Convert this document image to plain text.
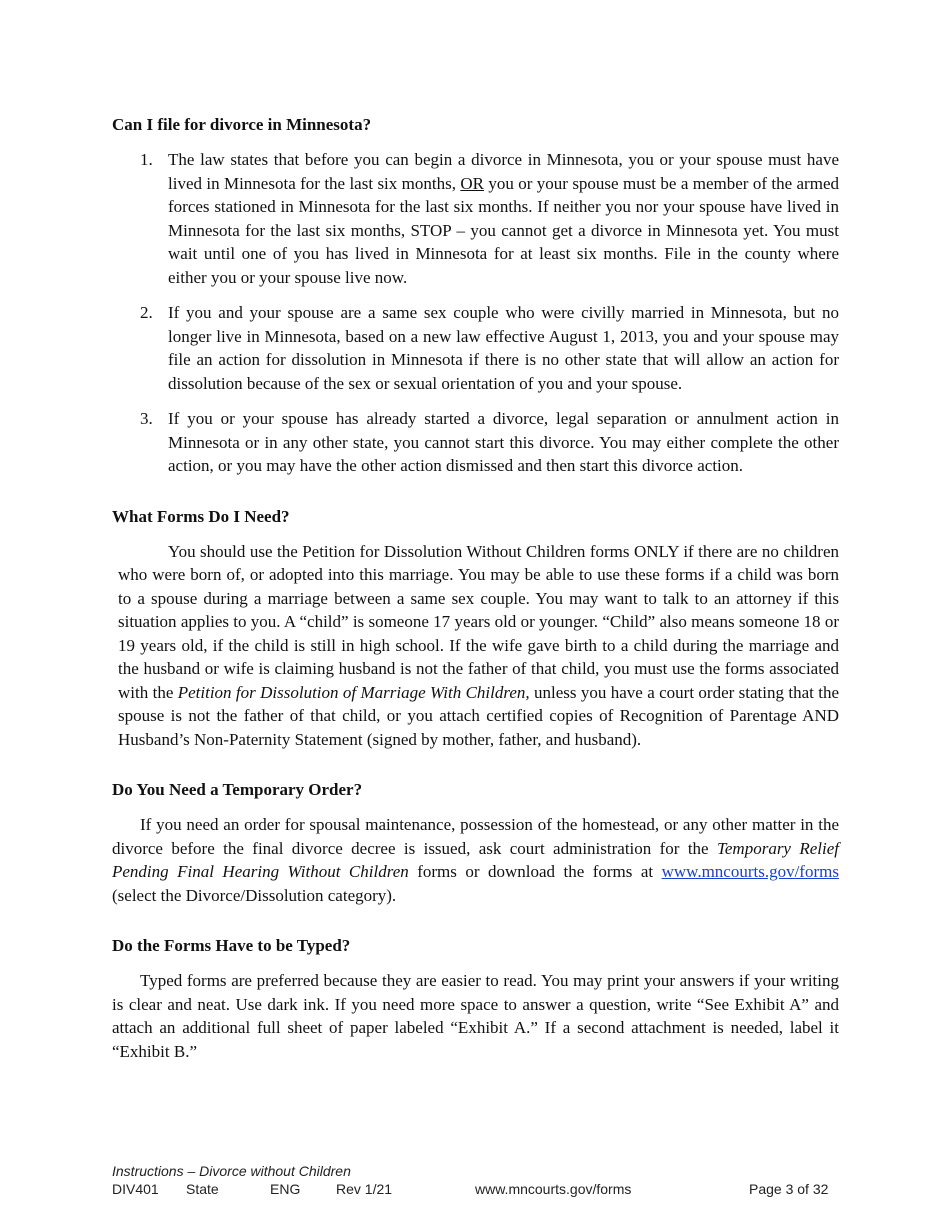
Can I file for divorce in Minnesota?
1. The law states that before you can begin a divorce in Minnesota, you or your spouse must have lived in Minnesota for the last six months, OR you or your spouse must be a member of the armed forces stationed in Minnesota for the last six months. If neither you nor your spouse have lived in Minnesota for the last six months, STOP – you cannot get a divorce in Minnesota yet. You must wait until one of you has lived in Minnesota for at least six months. File in the county where either you or your spouse live now.

2. If you and your spouse are a same sex couple who were civilly married in Minnesota, but no longer live in Minnesota, based on a new law effective August 1, 2013, you and your spouse may file an action for dissolution in Minnesota if there is no other state that will allow an action for dissolution because of the sex or sexual orientation of you and your spouse.

3. If you or your spouse has already started a divorce, legal separation or annulment action in Minnesota or in any other state, you cannot start this divorce. You may either complete the other action, or you may have the other action dismissed and then start this divorce action.

What Forms Do I Need?

You should use the Petition for Dissolution Without Children forms ONLY if there are no children who were born of, or adopted into this marriage. You may be able to use these forms if a child was born to a spouse during a marriage between a same sex couple. You may want to talk to an attorney if this situation applies to you. A “child” is someone 17 years old or younger. “Child” also means someone 18 or 19 years old, if the child is still in high school. If the wife gave birth to a child during the marriage and the husband or wife is claiming husband is not the father of that child, you must use the forms associated with the Petition for Dissolution of Marriage With Children, unless you have a court order stating that the spouse is not the father of that child, or you attach certified copies of Recognition of Parentage AND Husband’s Non-Paternity Statement (signed by mother, father, and husband).

Do You Need a Temporary Order?

If you need an order for spousal maintenance, possession of the homestead, or any other matter in the divorce before the final divorce decree is issued, ask court administration for the Temporary Relief Pending Final Hearing Without Children forms or download the forms at www.mncourts.gov/forms (select the Divorce/Dissolution category).

Do the Forms Have to be Typed?

Typed forms are preferred because they are easier to read. You may print your answers if your writing is clear and neat. Use dark ink. If you need more space to answer a question, write “See Exhibit A” and attach an additional full sheet of paper labeled “Exhibit A.” If a second attachment is needed, label it “Exhibit B.”

Instructions – Divorce without Children
DIV401 State	ENG	Rev 1/21	www.mncourts.gov/forms	Page 3 of 32
